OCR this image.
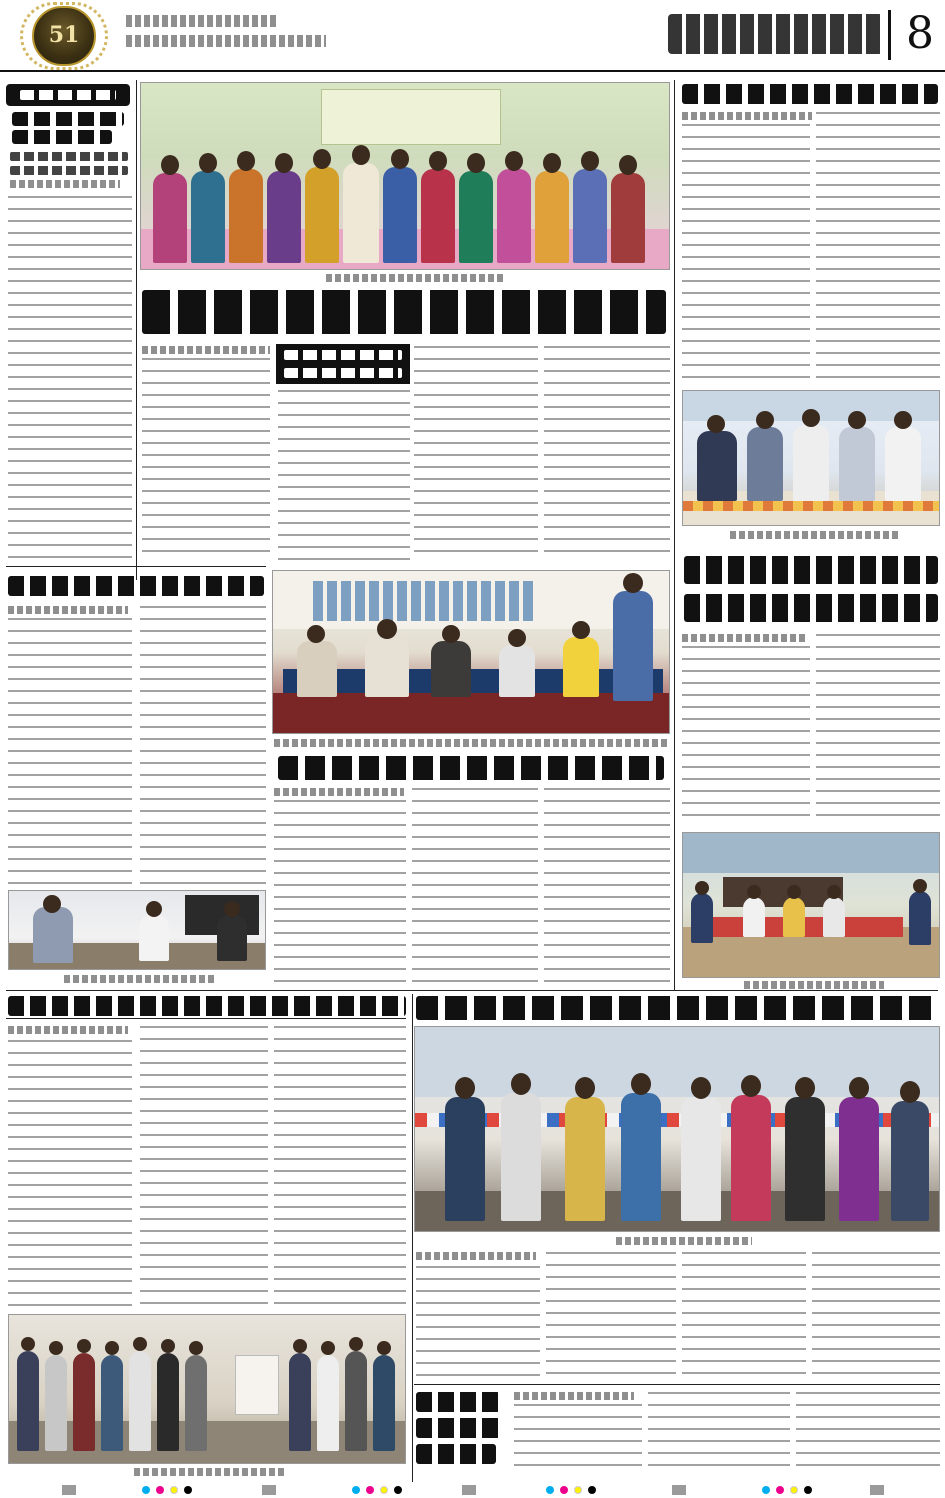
51	8
